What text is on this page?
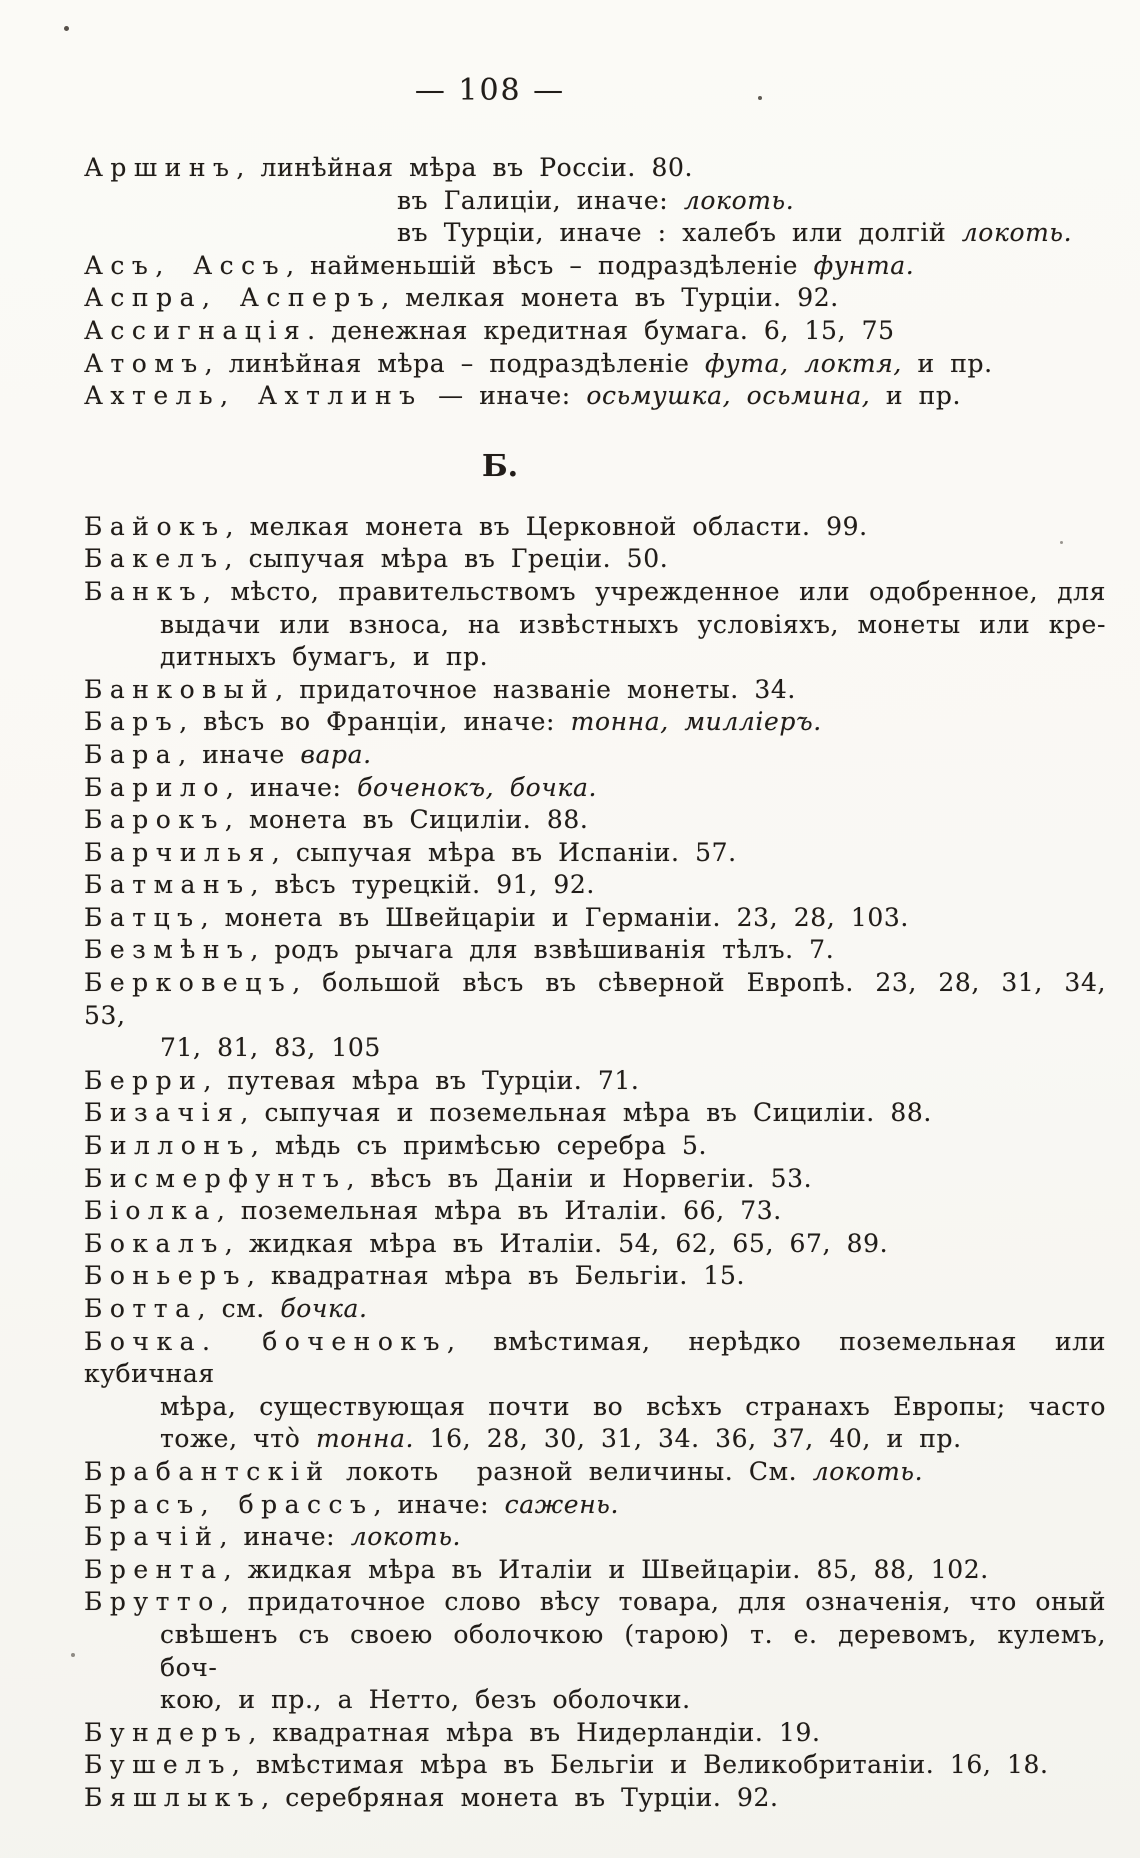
— 108 —
Аршинъ, линѣйная мѣра въ Россіи. 80.
въ Галиціи, иначе: локоть.
въ Турціи, иначе : халебъ или долгій локоть.
Асъ, Ассъ, найменьшій вѣсъ – подраздѣленіе фунта.
Аспра, Асперъ, мелкая монета въ Турціи. 92.
Ассигнація. денежная кредитная бумага. 6, 15, 75
Атомъ, линѣйная мѣра – подраздѣленіе фута, локтя, и пр.
Ахтель, Ахтлинъ — иначе: осьмушка, осьмина, и пр.
Б.
Байокъ, мелкая монета въ Церковной области. 99.
Бакелъ, сыпучая мѣра въ Греціи. 50.
Банкъ, мѣсто, правительствомъ учрежденное или одобренное, для
выдачи или взноса, на извѣстныхъ условіяхъ, монеты или кре-
дитныхъ бумагъ, и пр.
Банковый, придаточное названіе монеты. 34.
Баръ, вѣсъ во Франціи, иначе: тонна, милліеръ.
Бара, иначе вара.
Барило, иначе: боченокъ, бочка.
Барокъ, монета въ Сициліи. 88.
Барчилья, сыпучая мѣра въ Испаніи. 57.
Батманъ, вѣсъ турецкій. 91, 92.
Батцъ, монета въ Швейцаріи и Германіи. 23, 28, 103.
Безмѣнъ, родъ рычага для взвѣшиванія тѣлъ. 7.
Берковецъ, большой вѣсъ въ сѣверной Европѣ. 23, 28, 31, 34, 53,
71, 81, 83, 105
Берри, путевая мѣра въ Турціи. 71.
Бизачія, сыпучая и поземельная мѣра въ Сициліи. 88.
Биллонъ, мѣдь съ примѣсью серебра 5.
Бисмерфунтъ, вѣсъ въ Даніи и Норвегіи. 53.
Біолка, поземельная мѣра въ Италіи. 66, 73.
Бокалъ, жидкая мѣра въ Италіи. 54, 62, 65, 67, 89.
Боньеръ, квадратная мѣра въ Бельгіи. 15.
Ботта, см. бочка.
Бочка. боченокъ, вмѣстимая, нерѣдко поземельная или кубичная
мѣра, существующая почти во всѣхъ странахъ Европы; часто
тоже, что̀ тонна. 16, 28, 30, 31, 34. 36, 37, 40, и пр.
Брабантскій локоть разной величины. См. локоть.
Брасъ, брассъ, иначе: сажень.
Брачій, иначе: локоть.
Брента, жидкая мѣра въ Италіи и Швейцаріи. 85, 88, 102.
Брутто, придаточное слово вѣсу товара, для означенія, что оный
свѣшенъ съ своею оболочкою (тарою) т. е. деревомъ, кулемъ, боч-
кою, и пр., а Нетто, безъ оболочки.
Бундеръ, квадратная мѣра въ Нидерландіи. 19.
Бушелъ, вмѣстимая мѣра въ Бельгіи и Великобританіи. 16, 18.
Бяшлыкъ, серебряная монета въ Турціи. 92.
